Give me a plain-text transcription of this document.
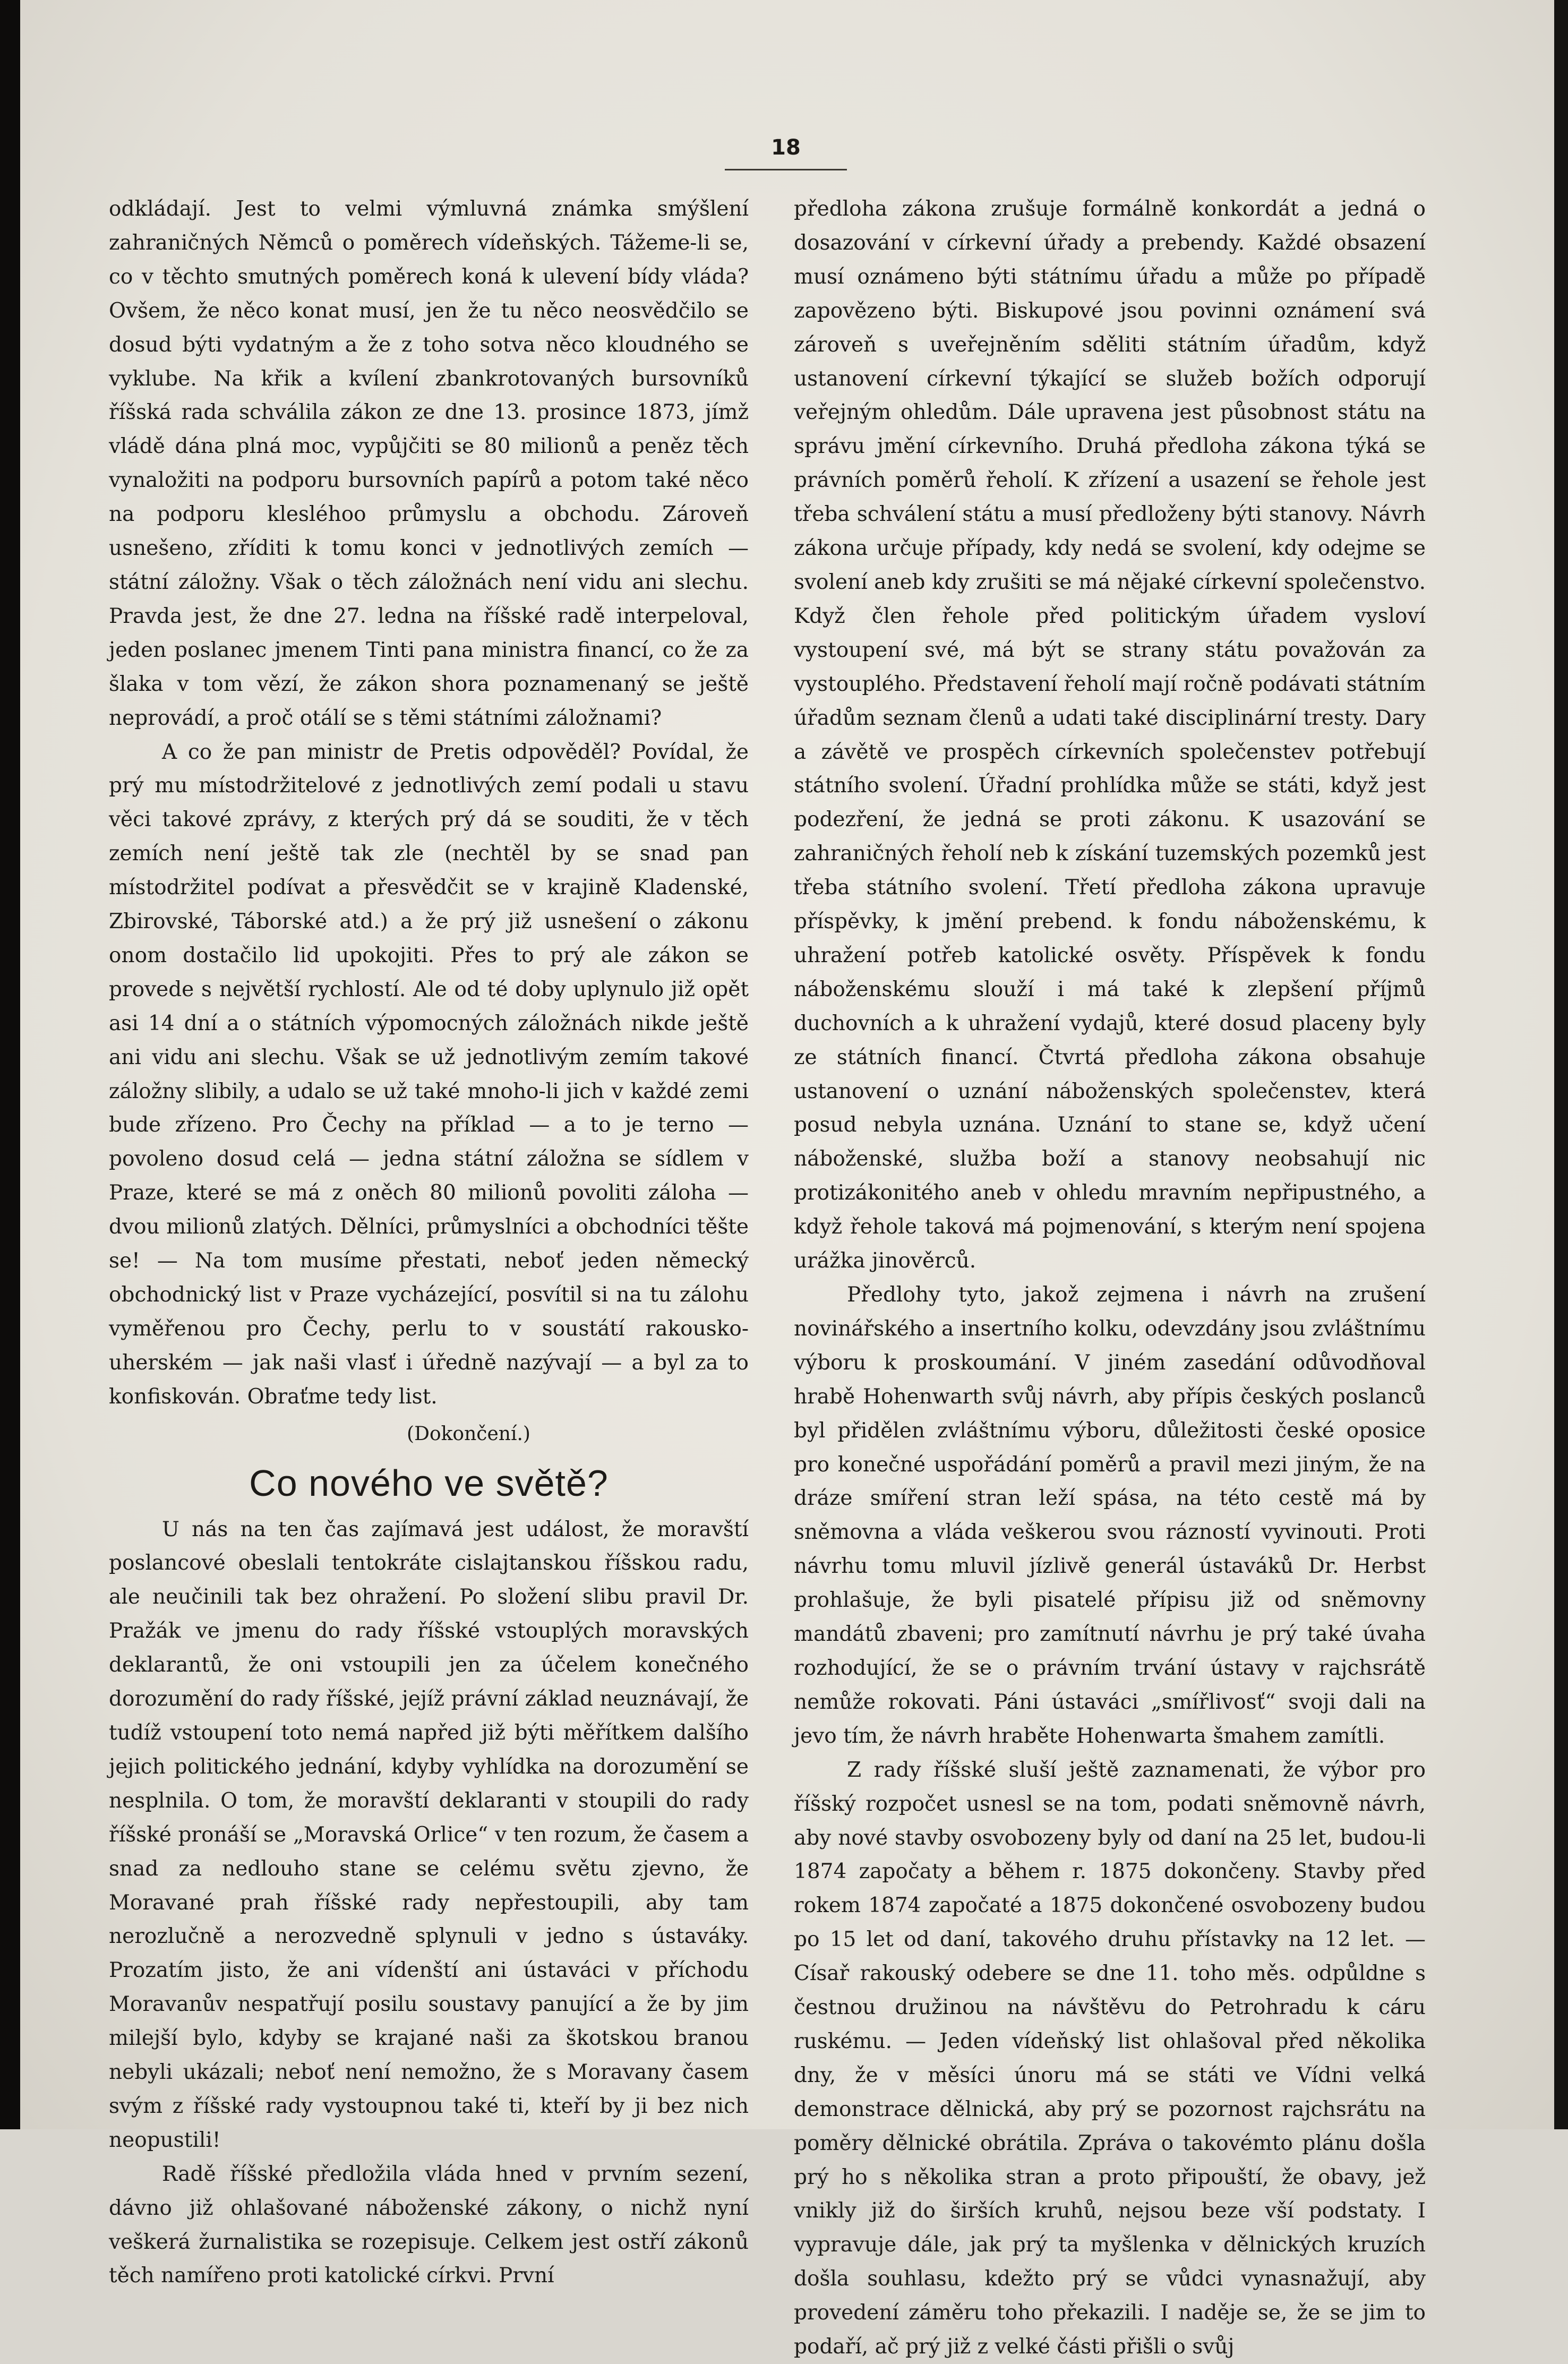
18

odkládají. Jest to velmi výmluvná známka smýšlení zahraničných Němců o poměrech vídeňských. Tážeme-li se, co v těchto smutných poměrech koná k ulevení bídy vláda? Ovšem, že něco konat musí, jen že tu něco neosvědčilo se dosud býti vydatným a že z toho sotva něco kloudného se vyklube. Na křik a kvílení zbankrotovaných bursovníků říšská rada schválila zákon ze dne 13. prosince 1873, jímž vládě dána plná moc, vypůjčiti se 80 milionů a peněz těch vynaložiti na podporu bursovních papírů a potom také něco na podporu klesléhoo průmyslu a obchodu. Zároveň usnešeno, zříditi k tomu konci v jednotlivých zemích — státní záložny. Však o těch záložnách není vidu ani slechu. Pravda jest, že dne 27. ledna na říšské radě interpeloval, jeden poslanec jmenem Tinti pana ministra financí, co že za šlaka v tom vězí, že zákon shora poznamenaný se ještě neprovádí, a proč otálí se s těmi státními záložnami?

A co že pan ministr de Pretis odpověděl? Povídal, že prý mu místodržitelové z jednotlivých zemí podali u stavu věci takové zprávy, z kterých prý dá se souditi, že v těch zemích není ještě tak zle (nechtěl by se snad pan místodržitel podívat a přesvědčit se v krajině Kladenské, Zbirovské, Táborské atd.) a že prý již usnešení o zákonu onom dostačilo lid upokojiti. Přes to prý ale zákon se provede s největší rychlostí. Ale od té doby uplynulo již opět asi 14 dní a o státních výpomocných záložnách nikde ještě ani vidu ani slechu. Však se už jednotlivým zemím takové záložny slibily, a udalo se už také mnoho-li jich v každé zemi bude zřízeno. Pro Čechy na příklad — a to je terno — povoleno dosud celá — jedna státní záložna se sídlem v Praze, které se má z oněch 80 milionů povoliti záloha — dvou milionů zlatých. Dělníci, průmyslníci a obchodníci těšte se! — Na tom musíme přestati, neboť jeden německý obchodnický list v Praze vycházející, posvítil si na tu zálohu vyměřenou pro Čechy, perlu to v soustátí rakousko-uherském — jak naši vlasť i úředně nazývají — a byl za to konfiskován. Obraťme tedy list.

(Dokončení.)
Co nového ve světě?

U nás na ten čas zajímavá jest událost, že moravští poslancové obeslali tentokráte cislajtanskou říšskou radu, ale neučinili tak bez ohražení. Po složení slibu pravil Dr. Pražák ve jmenu do rady říšské vstouplých moravských deklarantů, že oni vstoupili jen za účelem konečného dorozumění do rady říšské, jejíž právní základ neuznávají, že tudíž vstoupení toto nemá napřed již býti měřítkem dalšího jejich politického jednání, kdyby vyhlídka na dorozumění se nesplnila. O tom, že moravští deklaranti v stoupili do rady říšské pronáší se „Moravská Orlice“ v ten rozum, že časem a snad za nedlouho stane se celému světu zjevno, že Moravané prah říšské rady nepřestoupili, aby tam nerozlučně a nerozvedně splynuli v jedno s ústaváky. Prozatím jisto, že ani vídenští ani ústaváci v příchodu Moravanův nespatřují posilu soustavy panující a že by jim milejší bylo, kdyby se krajané naši za škotskou branou nebyli ukázali; neboť není nemožno, že s Moravany časem svým z říšské rady vystoupnou také ti, kteří by ji bez nich neopustili!

Radě říšské předložila vláda hned v prvním sezení, dávno již ohlašované náboženské zákony, o nichž nyní veškerá žurnalistika se rozepisuje. Celkem jest ostří zákonů těch namířeno proti katolické církvi. První

předloha zákona zrušuje formálně konkordát a jedná o dosazování v církevní úřady a prebendy. Každé obsazení musí oznámeno býti státnímu úřadu a může po případě zapovězeno býti. Biskupové jsou povinni oznámení svá zároveň s uveřejněním sděliti státním úřadům, když ustanovení církevní týkající se služeb božích odporují veřejným ohledům. Dále upravena jest působnost státu na správu jmění církevního. Druhá předloha zákona týká se právních poměrů řeholí. K zřízení a usazení se řehole jest třeba schválení státu a musí předloženy býti stanovy. Návrh zákona určuje případy, kdy nedá se svolení, kdy odejme se svolení aneb kdy zrušiti se má nějaké církevní společenstvo. Když člen řehole před politickým úřadem vysloví vystoupení své, má být se strany státu považován za vystouplého. Představení řeholí mají ročně podávati státním úřadům seznam členů a udati také disciplinární tresty. Dary a závětě ve prospěch církevních společenstev potřebují státního svolení. Úřadní prohlídka může se státi, když jest podezření, že jedná se proti zákonu. K usazování se zahraničných řeholí neb k získání tuzemských pozemků jest třeba státního svolení. Třetí předloha zákona upravuje příspěvky, k jmění prebend. k fondu náboženskému, k uhražení potřeb katolické osvěty. Příspěvek k fondu náboženskému slouží i má také k zlepšení příjmů duchovních a k uhražení vydajů, které dosud placeny byly ze státních financí. Čtvrtá předloha zákona obsahuje ustanovení o uznání náboženských společenstev, která posud nebyla uznána. Uznání to stane se, když učení náboženské, služba boží a stanovy neobsahují nic protizákonitého aneb v ohledu mravním nepřipustného, a když řehole taková má pojmenování, s kterým není spojena urážka jinověrců.

Předlohy tyto, jakož zejmena i návrh na zrušení novinářského a insertního kolku, odevzdány jsou zvláštnímu výboru k proskoumání. V jiném zasedání odůvodňoval hrabě Hohenwarth svůj návrh, aby přípis českých poslanců byl přidělen zvláštnímu výboru, důležitosti české oposice pro konečné uspořádání poměrů a pravil mezi jiným, že na dráze smíření stran leží spása, na této cestě má by sněmovna a vláda veškerou svou rázností vyvinouti. Proti návrhu tomu mluvil jízlivě generál ústaváků Dr. Herbst prohlašuje, že byli pisatelé přípisu již od sněmovny mandátů zbaveni; pro zamítnutí návrhu je prý také úvaha rozhodující, že se o právním trvání ústavy v rajchsrátě nemůže rokovati. Páni ústaváci „smířlivosť“ svoji dali na jevo tím, že návrh hraběte Hohenwarta šmahem zamítli.

Z rady říšské sluší ještě zaznamenati, že výbor pro říšský rozpočet usnesl se na tom, podati sněmovně návrh, aby nové stavby osvobozeny byly od daní na 25 let, budou-li 1874 započaty a během r. 1875 dokončeny. Stavby před rokem 1874 započaté a 1875 dokončené osvobozeny budou po 15 let od daní, takového druhu přístavky na 12 let. — Císař rakouský odebere se dne 11. toho měs. odpůldne s čestnou družinou na návštěvu do Petrohradu k cáru ruskému. — Jeden vídeňský list ohlašoval před několika dny, že v měsíci únoru má se státi ve Vídni velká demonstrace dělnická, aby prý se pozornost rajchsrátu na poměry dělnické obrátila. Zpráva o takovémto plánu došla prý ho s několika stran a proto připouští, že obavy, jež vnikly již do širších kruhů, nejsou beze vší podstaty. I vypravuje dále, jak prý ta myšlenka v dělnických kruzích došla souhlasu, kdežto prý se vůdci vynasnažují, aby provedení záměru toho překazili. I naděje se, že se jim to podaří, ač prý již z velké části přišli o svůj
